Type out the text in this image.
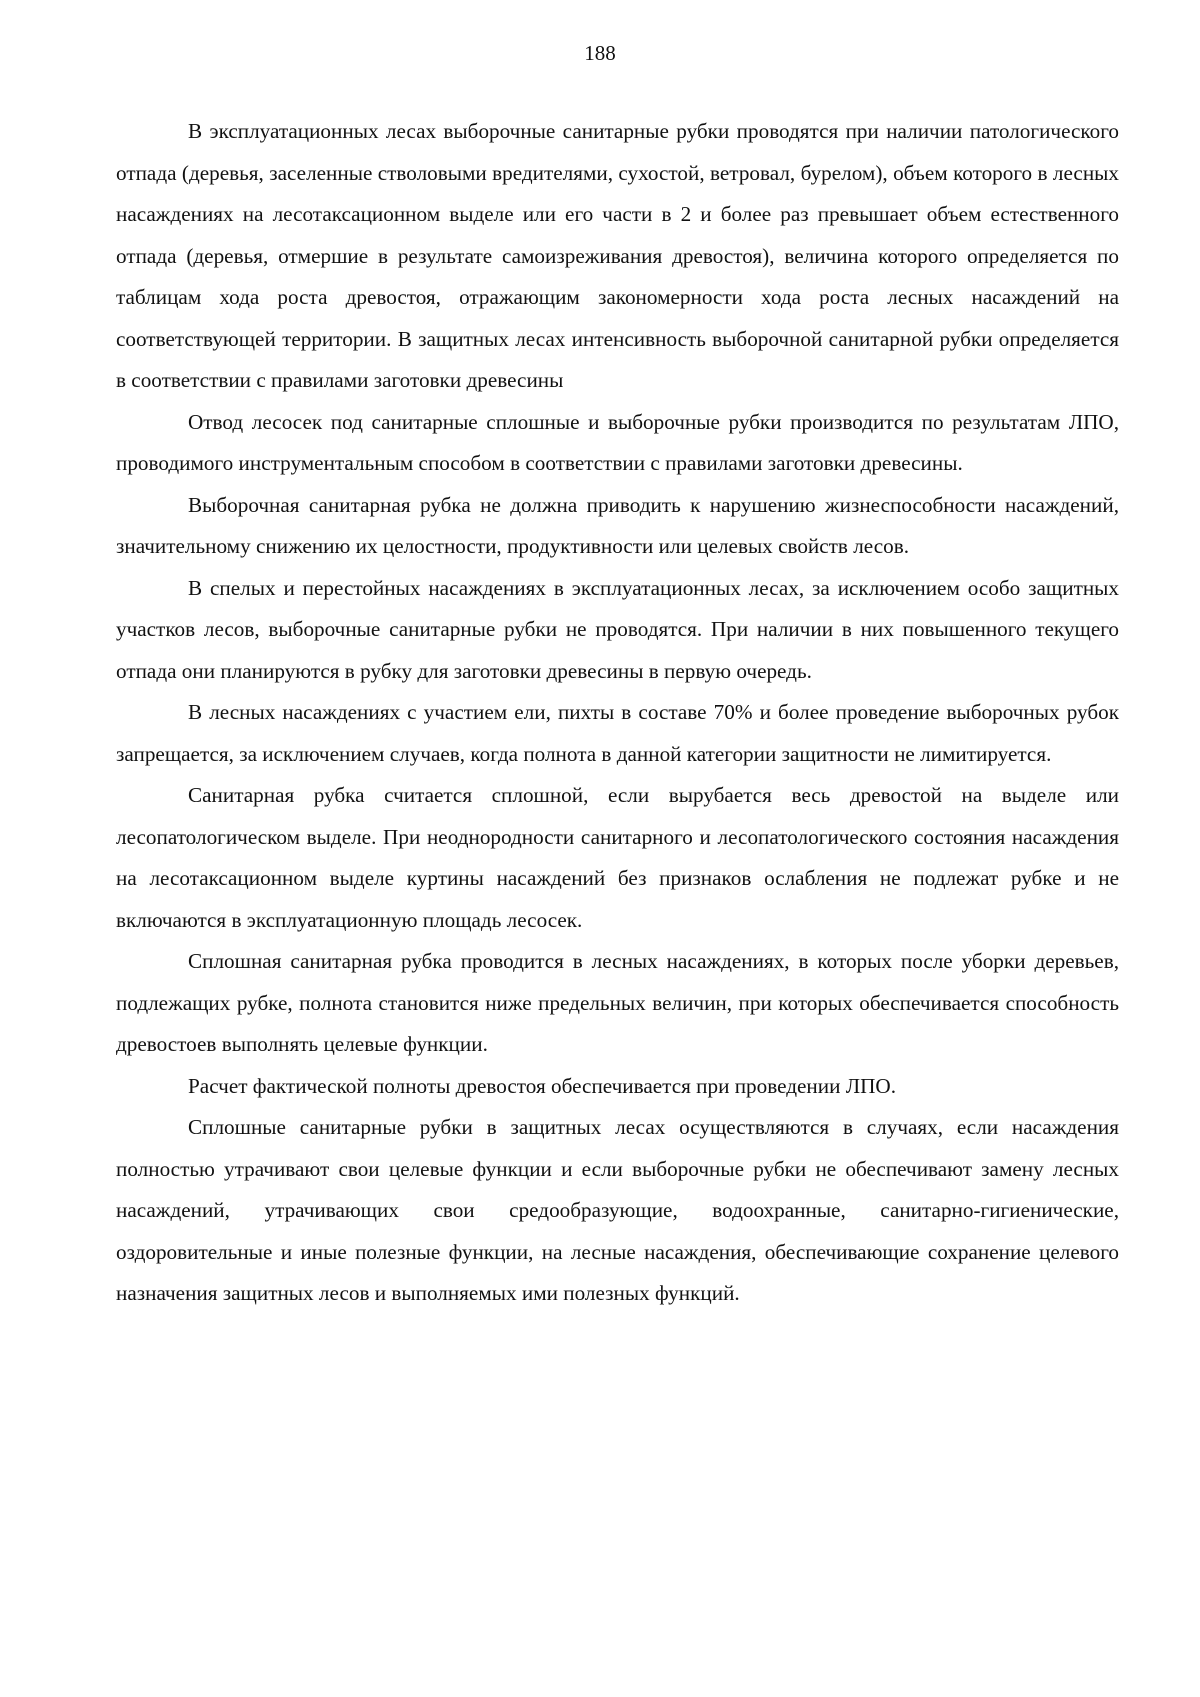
188

В эксплуатационных лесах выборочные санитарные рубки проводятся при наличии патологического отпада (деревья, заселенные стволовыми вредителями, сухостой, ветровал, бурелом), объем которого в лесных насаждениях на лесотаксационном выделе или его части в 2 и более раз превышает объем естественного отпада (деревья, отмершие в результате самоизреживания древостоя), величина которого определяется по таблицам хода роста древостоя, отражающим закономерности хода роста лесных насаждений на соответствующей территории. В защитных лесах интенсивность выборочной санитарной рубки определяется в соответствии с правилами заготовки древесины

Отвод лесосек под санитарные сплошные и выборочные рубки производится по результатам ЛПО, проводимого инструментальным способом в соответствии с правилами заготовки древесины.

Выборочная санитарная рубка не должна приводить к нарушению жизнеспособности насаждений, значительному снижению их целостности, продуктивности или целевых свойств лесов.

В спелых и перестойных насаждениях в эксплуатационных лесах, за исключением особо защитных участков лесов, выборочные санитарные рубки не проводятся. При наличии в них повышенного текущего отпада они планируются в рубку для заготовки древесины в первую очередь.

В лесных насаждениях с участием ели, пихты в составе 70% и более проведение выборочных рубок запрещается, за исключением случаев, когда полнота в данной категории защитности не лимитируется.

Санитарная рубка считается сплошной, если вырубается весь древостой на выделе или лесопатологическом выделе. При неоднородности санитарного и лесопатологического состояния насаждения на лесотаксационном выделе куртины насаждений без признаков ослабления не подлежат рубке и не включаются в эксплуатационную площадь лесосек.

Сплошная санитарная рубка проводится в лесных насаждениях, в которых после уборки деревьев, подлежащих рубке, полнота становится ниже предельных величин, при которых обеспечивается способность древостоев выполнять целевые функции.

Расчет фактической полноты древостоя обеспечивается при проведении ЛПО.

Сплошные санитарные рубки в защитных лесах осуществляются в случаях, если насаждения полностью утрачивают свои целевые функции и если выборочные рубки не обеспечивают замену лесных насаждений, утрачивающих свои средообразующие, водоохранные, санитарно-гигиенические, оздоровительные и иные полезные функции, на лесные насаждения, обеспечивающие сохранение целевого назначения защитных лесов и выполняемых ими полезных функций.
